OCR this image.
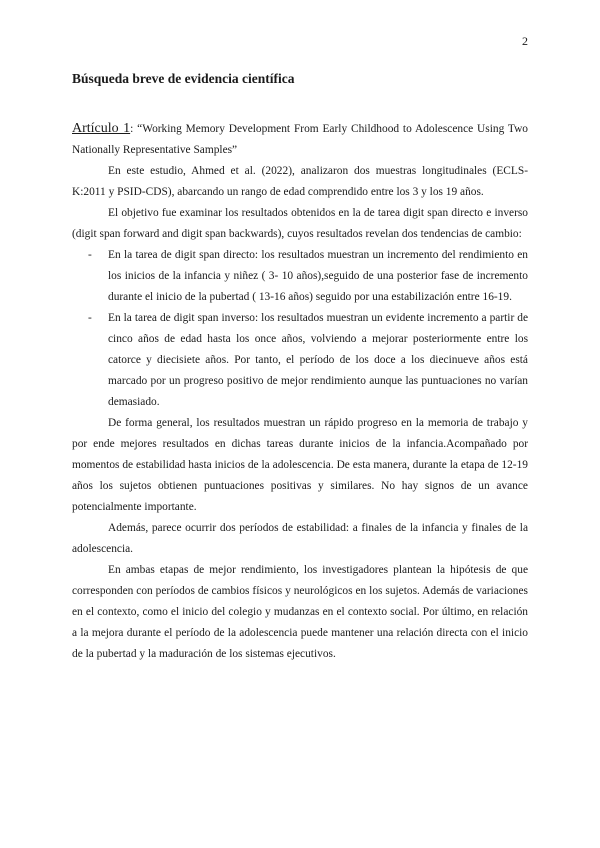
2
Búsqueda breve de evidencia científica

Artículo 1: “Working Memory Development From Early Childhood to Adolescence Using Two Nationally Representative Samples”

En este estudio, Ahmed et al. (2022), analizaron dos muestras longitudinales (ECLS-K:2011 y PSID-CDS), abarcando un rango de edad comprendido entre los 3 y los 19 años.

El objetivo fue examinar los resultados obtenidos en la de tarea digit span directo e inverso (digit span forward and digit span backwards), cuyos resultados revelan dos tendencias de cambio:

- En la tarea de digit span directo: los resultados muestran un incremento del rendimiento en los inicios de la infancia y niñez ( 3- 10 años),seguido de una posterior fase de incremento durante el inicio de la pubertad ( 13-16 años) seguido por una estabilización entre 16-19.
- En la tarea de digit span inverso: los resultados muestran un evidente incremento a partir de cinco años de edad hasta los once años, volviendo a mejorar posteriormente entre los catorce y diecisiete años. Por tanto, el período de los doce a los diecinueve años está marcado por un progreso positivo de mejor rendimiento aunque las puntuaciones no varían demasiado.

De forma general, los resultados muestran un rápido progreso en la memoria de trabajo y por ende mejores resultados en dichas tareas durante inicios de la infancia.Acompañado por momentos de estabilidad hasta inicios de la adolescencia. De esta manera, durante la etapa de 12-19 años los sujetos obtienen puntuaciones positivas y similares. No hay signos de un avance potencialmente importante.

Además, parece ocurrir dos períodos de estabilidad: a finales de la infancia y finales de la adolescencia.

En ambas etapas de mejor rendimiento, los investigadores plantean la hipótesis de que corresponden con períodos de cambios físicos y neurológicos en los sujetos. Además de variaciones en el contexto, como el inicio del colegio y mudanzas en el contexto social. Por último, en relación a la mejora durante el período de la adolescencia puede mantener una relación directa con el inicio de la pubertad y la maduración de los sistemas ejecutivos.
